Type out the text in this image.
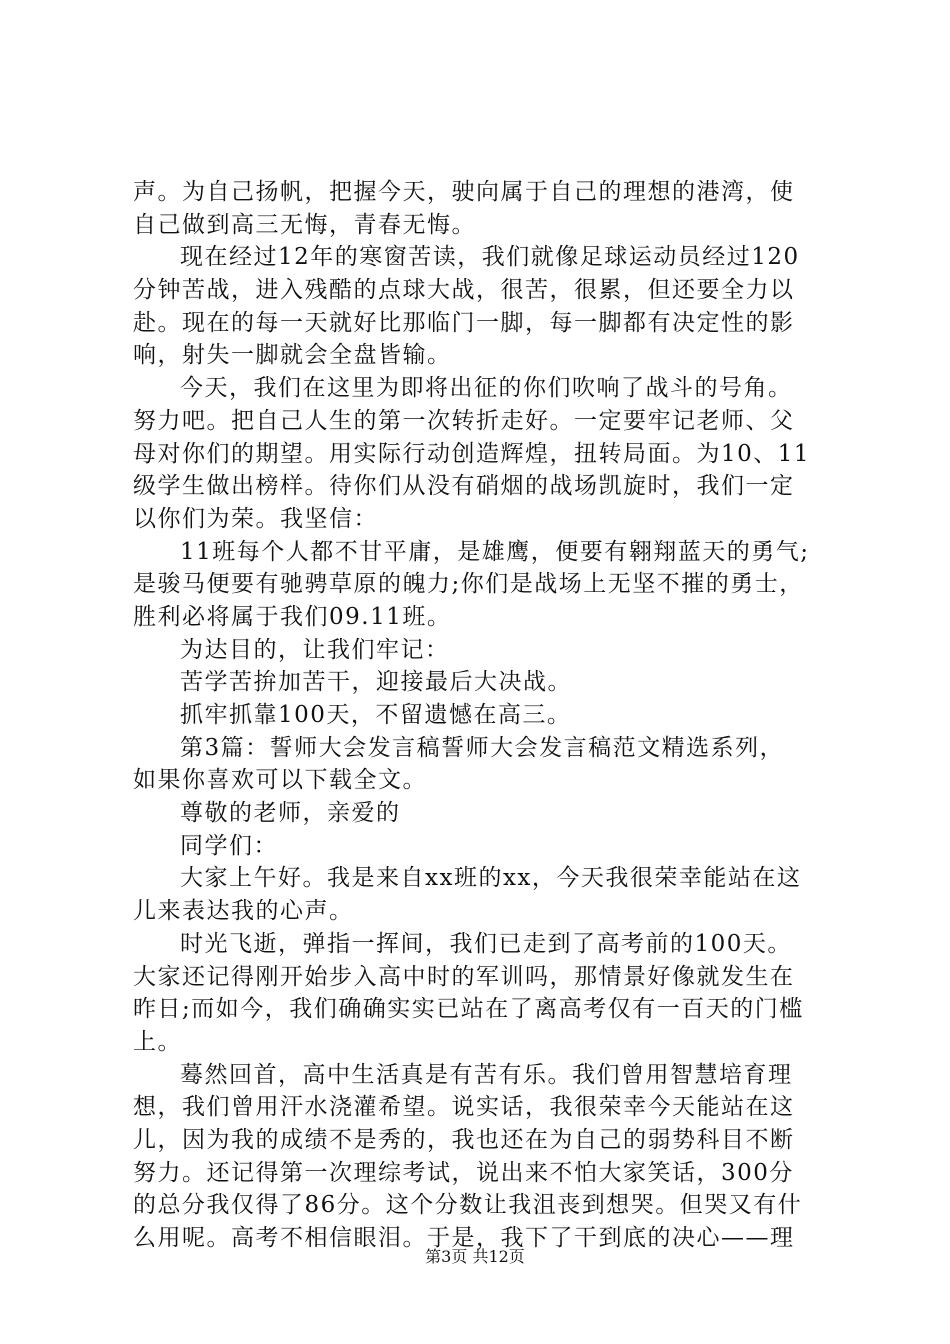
声。为自己扬帆，把握今天，驶向属于自己的理想的港湾，使
自己做到高三无悔，青春无悔。
现在经过12年的寒窗苦读，我们就像足球运动员经过120
分钟苦战，进入残酷的点球大战，很苦，很累，但还要全力以
赴。现在的每一天就好比那临门一脚，每一脚都有决定性的影
响，射失一脚就会全盘皆输。
今天，我们在这里为即将出征的你们吹响了战斗的号角。
努力吧。把自己人生的第一次转折走好。一定要牢记老师、父
母对你们的期望。用实际行动创造辉煌，扭转局面。为10、11
级学生做出榜样。待你们从没有硝烟的战场凯旋时，我们一定
以你们为荣。我坚信：
11班每个人都不甘平庸，是雄鹰，便要有翱翔蓝天的勇气;
是骏马便要有驰骋草原的魄力;你们是战场上无坚不摧的勇士，
胜利必将属于我们09.11班。
为达目的，让我们牢记：
苦学苦拚加苦干，迎接最后大决战。
抓牢抓靠100天，不留遗憾在高三。
第3篇：誓师大会发言稿誓师大会发言稿范文精选系列，
如果你喜欢可以下载全文。
尊敬的老师，亲爱的
同学们：
大家上午好。我是来自xx班的xx，今天我很荣幸能站在这
儿来表达我的心声。
时光飞逝，弹指一挥间，我们已走到了高考前的100天。
大家还记得刚开始步入高中时的军训吗，那情景好像就发生在
昨日;而如今，我们确确实实已站在了离高考仅有一百天的门槛
上。
蓦然回首，高中生活真是有苦有乐。我们曾用智慧培育理
想，我们曾用汗水浇灌希望。说实话，我很荣幸今天能站在这
儿，因为我的成绩不是秀的，我也还在为自己的弱势科目不断
努力。还记得第一次理综考试，说出来不怕大家笑话，300分
的总分我仅得了86分。这个分数让我沮丧到想哭。但哭又有什
么用呢。高考不相信眼泪。于是，我下了干到底的决心——理
第3页 共12页
